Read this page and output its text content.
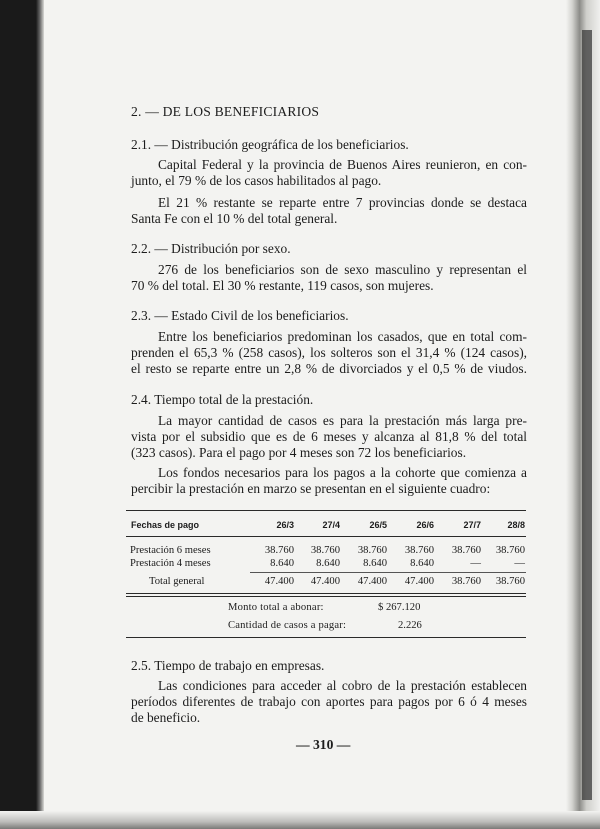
2. — DE LOS BENEFICIARIOS
2.1. — Distribución geográfica de los beneficiarios.
Capital Federal y la provincia de Buenos Aires reunieron, en con-
junto, el 79 % de los casos habilitados al pago.
El 21 % restante se reparte entre 7 provincias donde se destaca
Santa Fe con el 10 % del total general.
2.2. — Distribución por sexo.
276 de los beneficiarios son de sexo masculino y representan el
70 % del total. El 30 % restante, 119 casos, son mujeres.
2.3. — Estado Civil de los beneficiarios.
Entre los beneficiarios predominan los casados, que en total com-
prenden el 65,3 % (258 casos), los solteros son el 31,4 % (124 casos),
el resto se reparte entre un 2,8 % de divorciados y el 0,5 % de viudos.
2.4. Tiempo total de la prestación.
La mayor cantidad de casos es para la prestación más larga pre-
vista por el subsidio que es de 6 meses y alcanza al 81,8 % del total
(323 casos). Para el pago por 4 meses son 72 los beneficiarios.
Los fondos necesarios para los pagos a la cohorte que comienza a
percibir la prestación en marzo se presentan en el siguiente cuadro:
Fechas de pago	26/3	27/4	26/5	26/6	27/7	28/8
Prestación 6 meses	38.760	38.760	38.760	38.760	38.760	38.760
Prestación 4 meses	8.640	8.640	8.640	8.640	—	—
Total general	47.400	47.400	47.400	47.400	38.760	38.760
Monto total a abonar:	$ 267.120
Cantidad de casos a pagar:	2.226
2.5. Tiempo de trabajo en empresas.
Las condiciones para acceder al cobro de la prestación establecen
períodos diferentes de trabajo con aportes para pagos por 6 ó 4 meses
de beneficio.
— 310 —
